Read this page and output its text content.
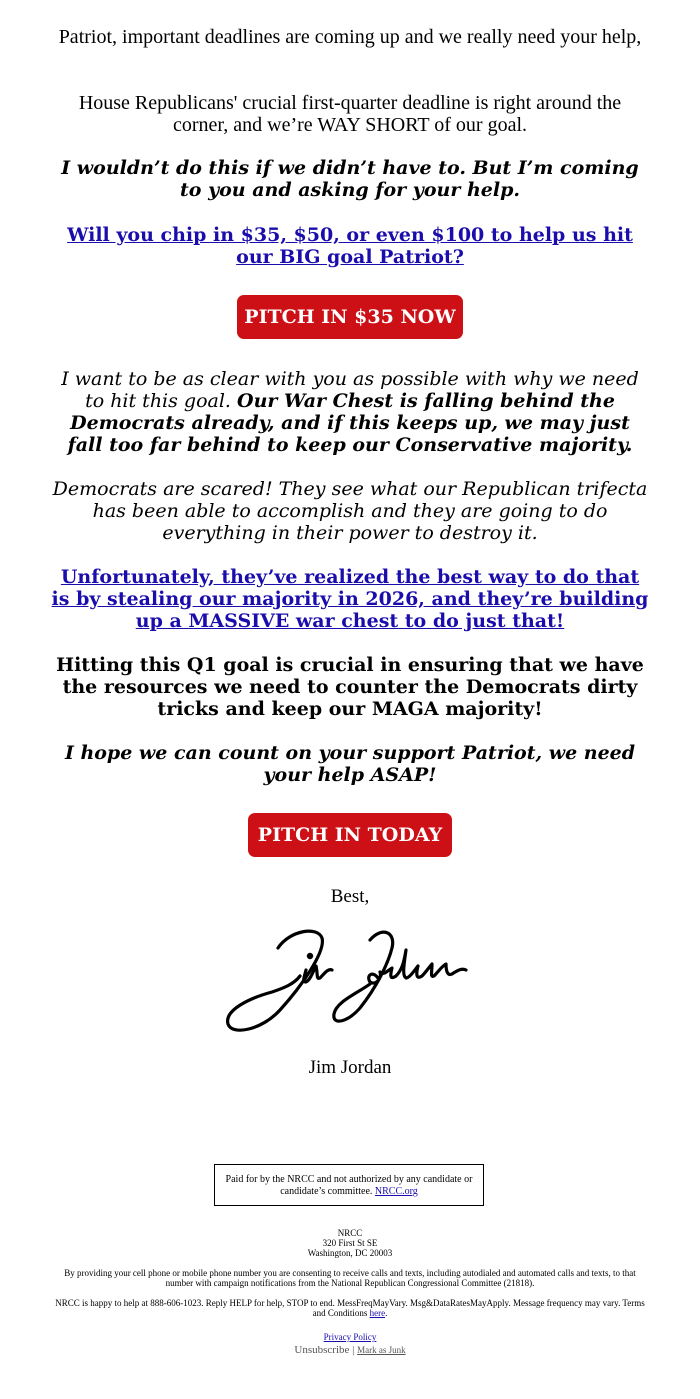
Patriot, important deadlines are coming up and we really need your help,

House Republicans' crucial first-quarter deadline is right around the corner, and we’re WAY SHORT of our goal.

I wouldn’t do this if we didn’t have to. But I’m coming to you and asking for your help.

Will you chip in $35, $50, or even $100 to help us hit our BIG goal Patriot?

PITCH IN $35 NOW

I want to be as clear with you as possible with why we need to hit this goal. Our War Chest is falling behind the Democrats already, and if this keeps up, we may just fall too far behind to keep our Conservative majority.

Democrats are scared! They see what our Republican trifecta has been able to accomplish and they are going to do everything in their power to destroy it.

Unfortunately, they’ve realized the best way to do that is by stealing our majority in 2026, and they’re building up a MASSIVE war chest to do just that!

Hitting this Q1 goal is crucial in ensuring that we have the resources we need to counter the Democrats dirty tricks and keep our MAGA majority!

I hope we can count on your support Patriot, we need your help ASAP!

PITCH IN TODAY
Best,
Jim Jordan
Jim Jordan
Paid for by the NRCC and not authorized by any candidate or candidate’s committee. NRCC.org
NRCC
320 First St SE
Washington, DC 20003
By providing your cell phone or mobile phone number you are consenting to receive calls and texts, including autodialed and automated calls and texts, to that number with campaign notifications from the National Republican Congressional Committee (21818).
NRCC is happy to help at 888-606-1023. Reply HELP for help, STOP to end. MessFreqMayVary. Msg&DataRatesMayApply. Message frequency may vary. Terms and Conditions here.
Privacy Policy
Unsubscribe | Mark as Junk
